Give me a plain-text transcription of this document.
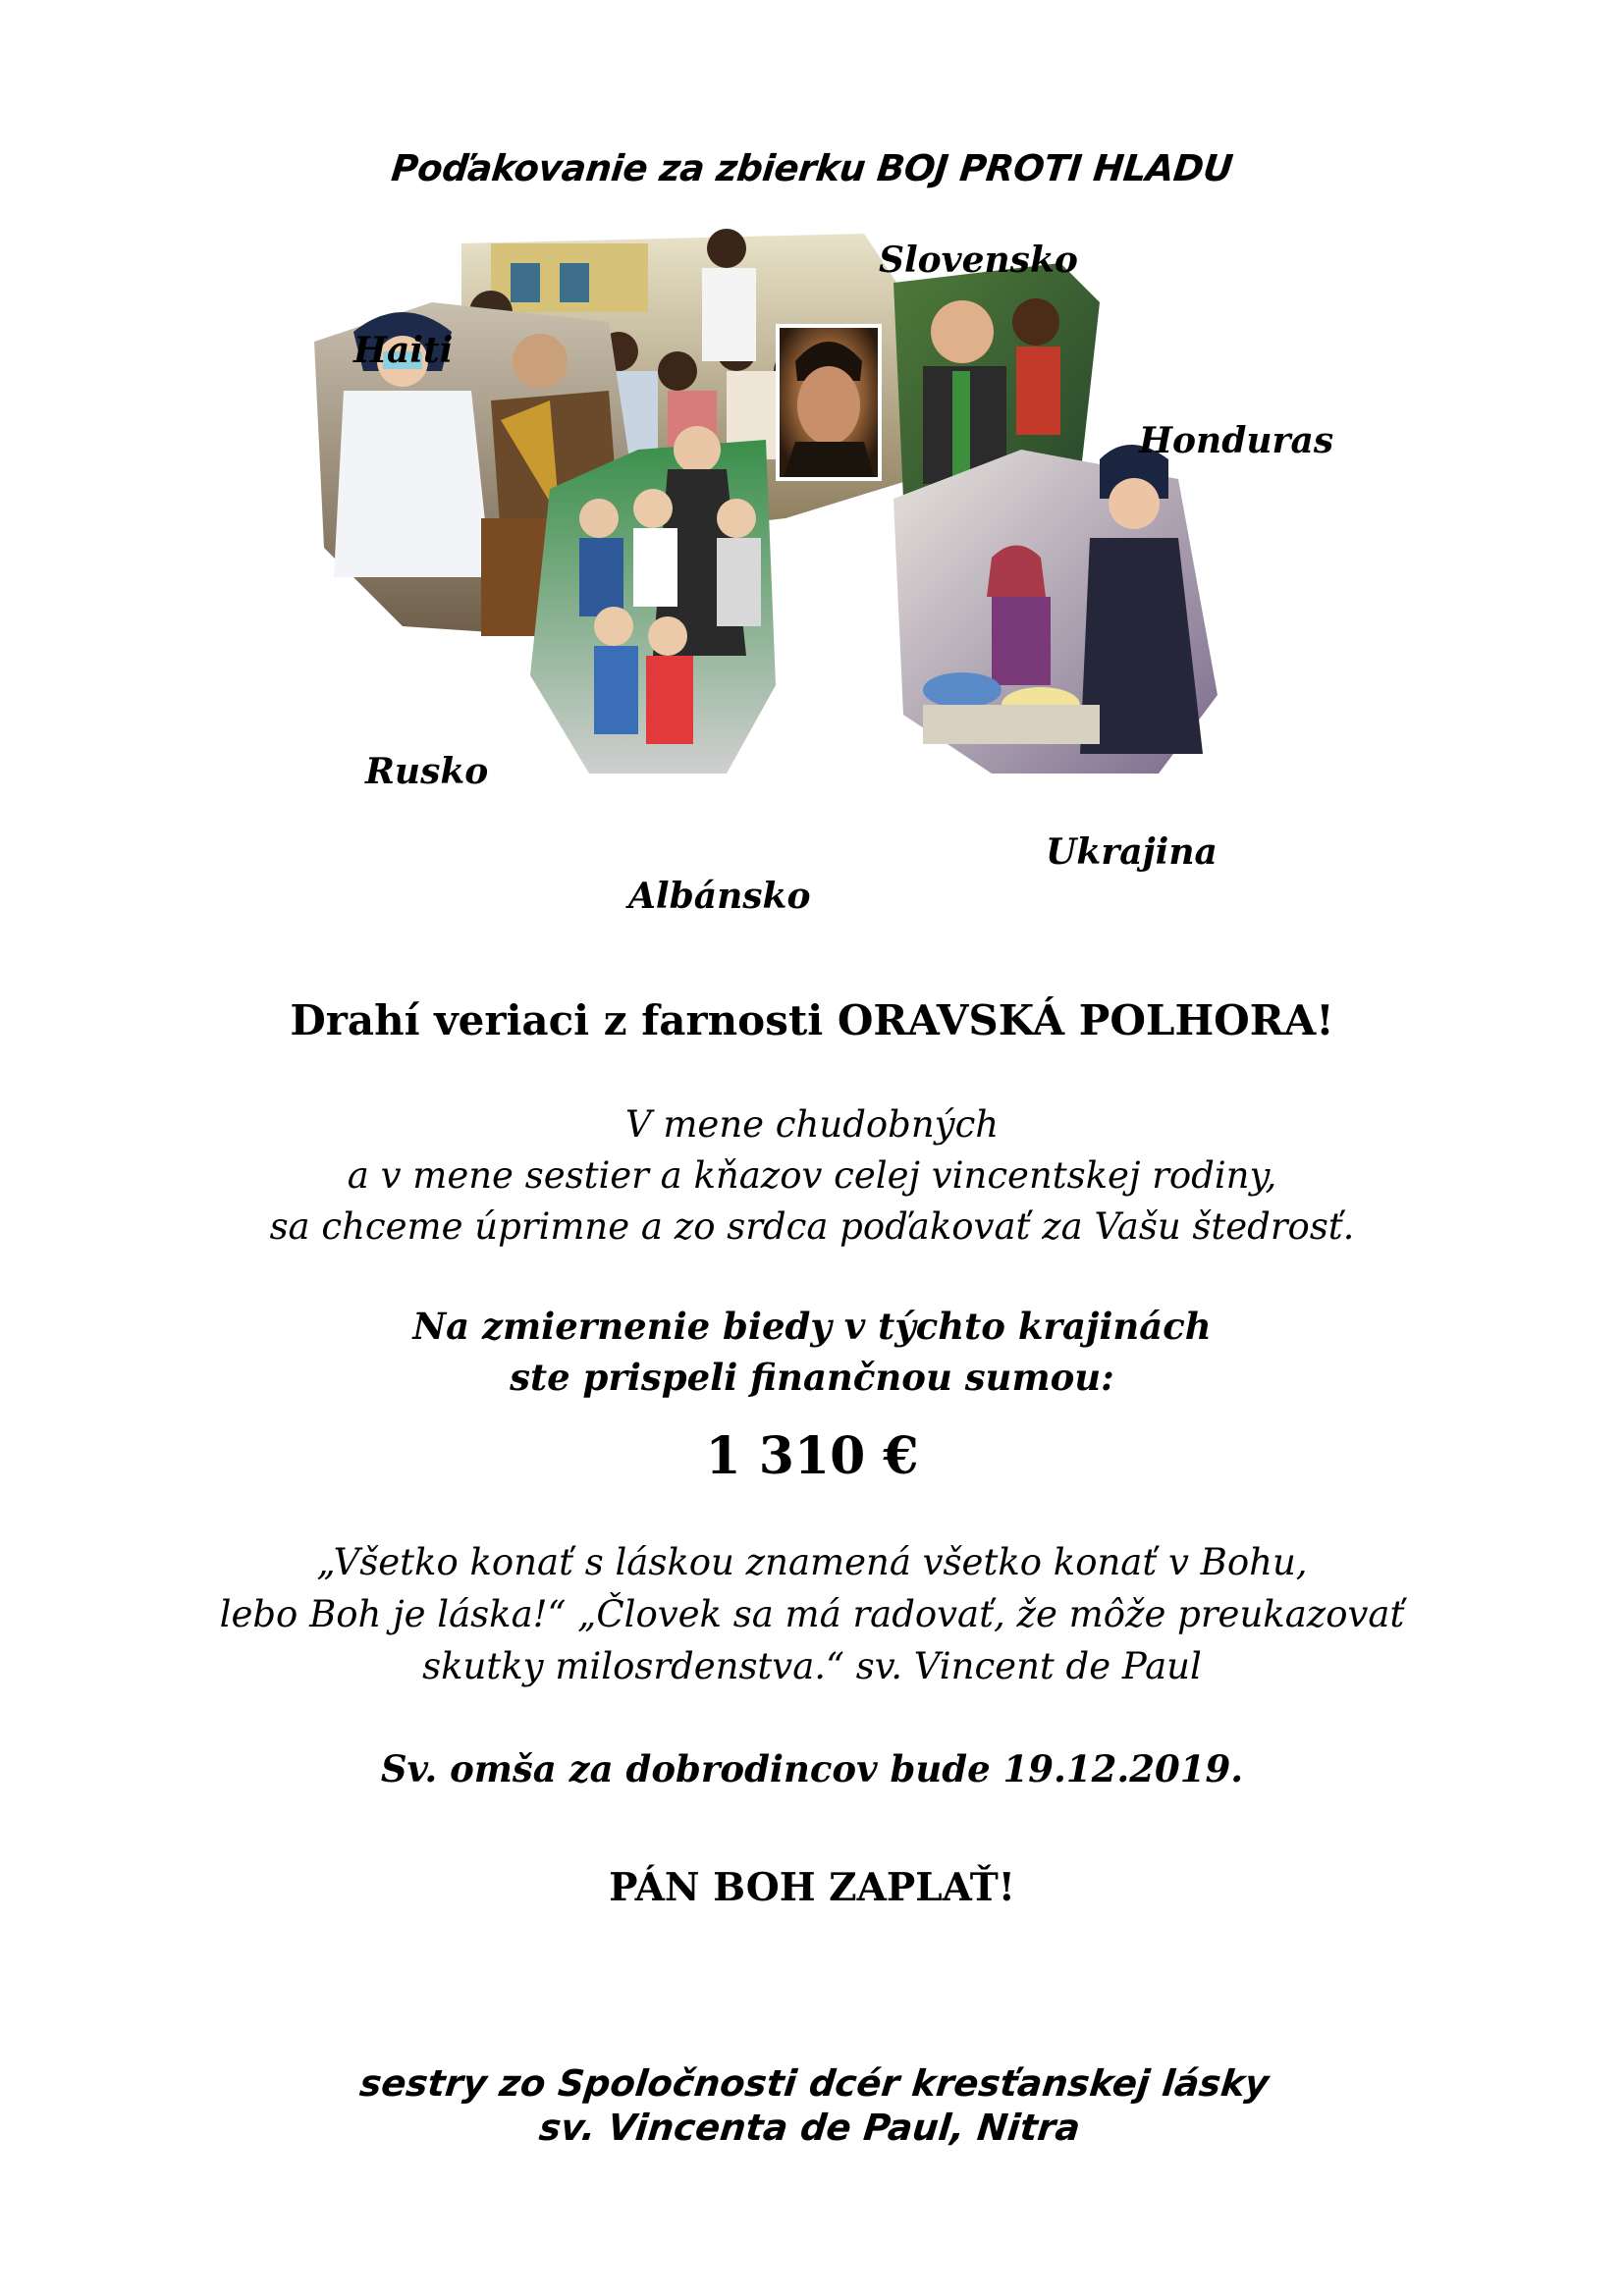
Poďakovanie za zbierku BOJ PROTI HLADU
Haiti
Slovensko
Honduras
Rusko
Albánsko
Ukrajina
Drahí veriaci z farnosti ORAVSKÁ POLHORA!
V mene chudobných
a v mene sestier a kňazov celej vincentskej rodiny,
sa chceme úprimne a zo srdca poďakovať za Vašu štedrosť.
Na zmiernenie biedy v týchto krajinách
ste prispeli finančnou sumou:
1 310 €
„Všetko konať s láskou znamená všetko konať v Bohu,
lebo Boh je láska!“ „Človek sa má radovať, že môže preukazovať
skutky milosrdenstva.“ sv. Vincent de Paul
Sv. omša za dobrodincov bude 19.12.2019.
PÁN BOH ZAPLAŤ!
sestry zo Spoločnosti dcér kresťanskej lásky
sv. Vincenta de Paul, Nitra
